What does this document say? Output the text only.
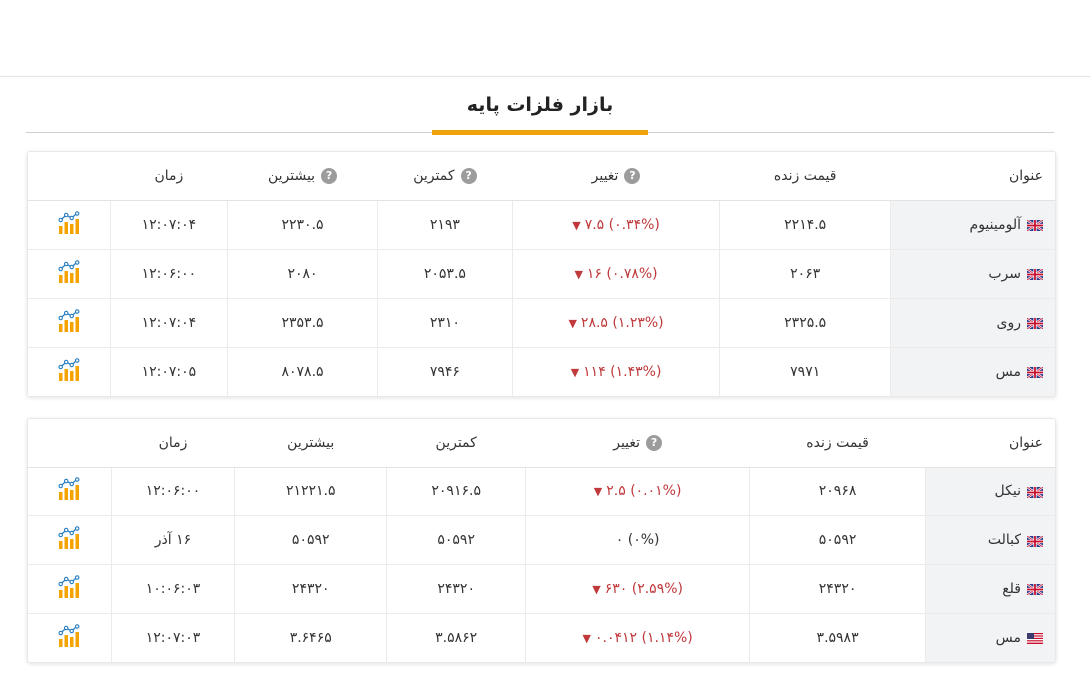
بازار فلزات پایه
عنوان	قیمت زنده	?تغییر	?کمترین	?بیشترین	زمان	
آلومینیوم	۲۲۱۴.۵	۷.۵ (۰.۳۴%)▼	۲۱۹۳	۲۲۳۰.۵	۱۲:۰۷:۰۴	
سرب	۲۰۶۳	۱۶ (۰.۷۸%)▼	۲۰۵۳.۵	۲۰۸۰	۱۲:۰۶:۰۰	
روی	۲۳۲۵.۵	۲۸.۵ (۱.۲۳%)▼	۲۳۱۰	۲۳۵۳.۵	۱۲:۰۷:۰۴	
مس	۷۹۷۱	۱۱۴ (۱.۴۳%)▼	۷۹۴۶	۸۰۷۸.۵	۱۲:۰۷:۰۵	
عنوان	قیمت زنده	?تغییر	کمترین	بیشترین	زمان	
نیکل	۲۰۹۶۸	۲.۵ (۰.۰۱%)▼	۲۰۹۱۶.۵	۲۱۲۲۱.۵	۱۲:۰۶:۰۰	
کبالت	۵۰۵۹۲	۰ (۰%)	۵۰۵۹۲	۵۰۵۹۲	۱۶ آذر	
قلع	۲۴۳۲۰	۶۳۰ (۲.۵۹%)▼	۲۴۳۲۰	۲۴۳۲۰	۱۰:۰۶:۰۳	
مس	۳.۵۹۸۳	۰.۰۴۱۲ (۱.۱۴%)▼	۳.۵۸۶۲	۳.۶۴۶۵	۱۲:۰۷:۰۳	
